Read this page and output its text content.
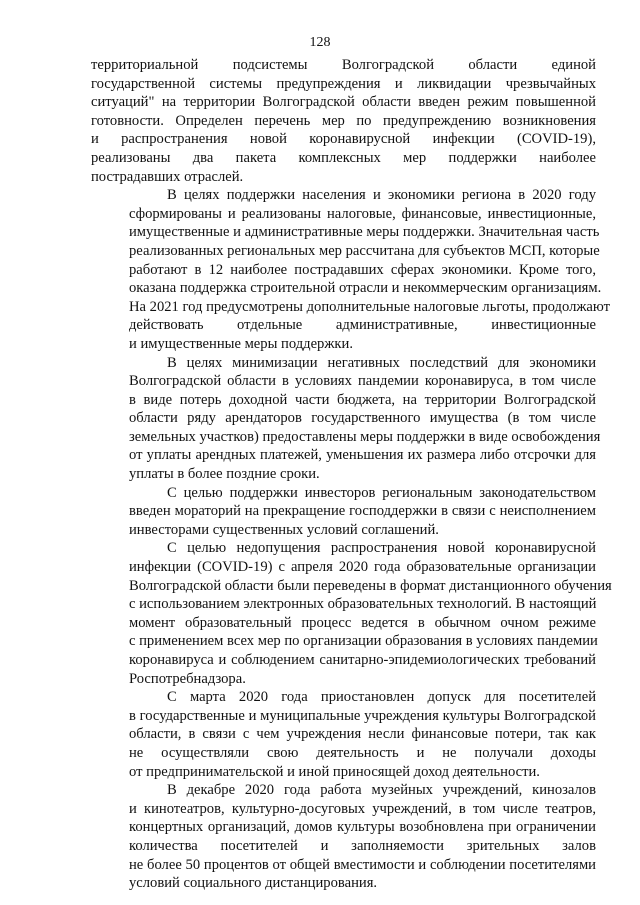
128
территориальной подсистемы Волгоградской области единой
государственной системы предупреждения и ликвидации чрезвычайных
ситуаций" на территории Волгоградской области введен режим повышенной
готовности. Определен перечень мер по предупреждению возникновения
и распространения новой коронавирусной инфекции (COVID-19),
реализованы два пакета комплексных мер поддержки наиболее
пострадавших отраслей.
В целях поддержки населения и экономики региона в 2020 году
сформированы и реализованы налоговые, финансовые, инвестиционные,
имущественные и административные меры поддержки. Значительная часть
реализованных региональных мер рассчитана для субъектов МСП, которые
работают в 12 наиболее пострадавших сферах экономики. Кроме того,
оказана поддержка строительной отрасли и некоммерческим организациям.
На 2021 год предусмотрены дополнительные налоговые льготы, продолжают
действовать отдельные административные, инвестиционные
и имущественные меры поддержки.
В целях минимизации негативных последствий для экономики
Волгоградской области в условиях пандемии коронавируса, в том числе
в виде потерь доходной части бюджета, на территории Волгоградской
области ряду арендаторов государственного имущества (в том числе
земельных участков) предоставлены меры поддержки в виде освобождения
от уплаты арендных платежей, уменьшения их размера либо отсрочки для
уплаты в более поздние сроки.
С целью поддержки инвесторов региональным законодательством
введен мораторий на прекращение господдержки в связи с неисполнением
инвесторами существенных условий соглашений.
С целью недопущения распространения новой коронавирусной
инфекции (COVID-19) с апреля 2020 года образовательные организации
Волгоградской области были переведены в формат дистанционного обучения
с использованием электронных образовательных технологий. В настоящий
момент образовательный процесс ведется в обычном очном режиме
с применением всех мер по организации образования в условиях пандемии
коронавируса и соблюдением санитарно-эпидемиологических требований
Роспотребнадзора.
С марта 2020 года приостановлен допуск для посетителей
в государственные и муниципальные учреждения культуры Волгоградской
области, в связи с чем учреждения несли финансовые потери, так как
не осуществляли свою деятельность и не получали доходы
от предпринимательской и иной приносящей доход деятельности.
В декабре 2020 года работа музейных учреждений, кинозалов
и кинотеатров, культурно-досуговых учреждений, в том числе театров,
концертных организаций, домов культуры возобновлена при ограничении
количества посетителей и заполняемости зрительных залов
не более 50 процентов от общей вместимости и соблюдении посетителями
условий социального дистанцирования.
